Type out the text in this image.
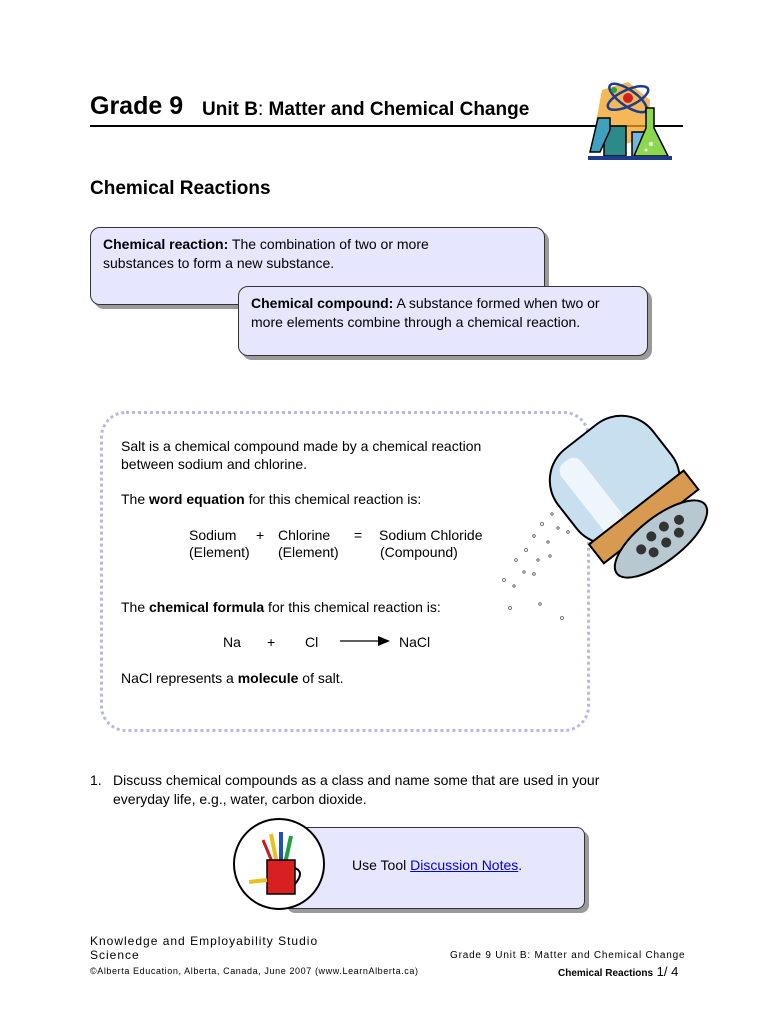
Grade 9 Unit B: Matter and Chemical Change
Chemical Reactions
Chemical reaction: The combination of two or more
substances to form a new substance.
Chemical compound: A substance formed when two or
more elements combine through a chemical reaction.
Salt is a chemical compound made by a chemical reaction
between sodium and chlorine.
The word equation for this chemical reaction is:
Sodium + Chlorine = Sodium Chloride
(Element) (Element)	(Compound)
The chemical formula for this chemical reaction is:
Na + Cl → NaCl
NaCl represents a molecule of salt.
1. Discuss chemical compounds as a class and name some that are used in your
everyday life, e.g., water, carbon dioxide.
Use Tool Discussion Notes.
Knowledge and Employability Studio
Science
©Alberta Education, Alberta, Canada, June 2007 (www.LearnAlberta.ca)
Grade 9 Unit B: Matter and Chemical Change
Chemical Reactions 1/ 4
